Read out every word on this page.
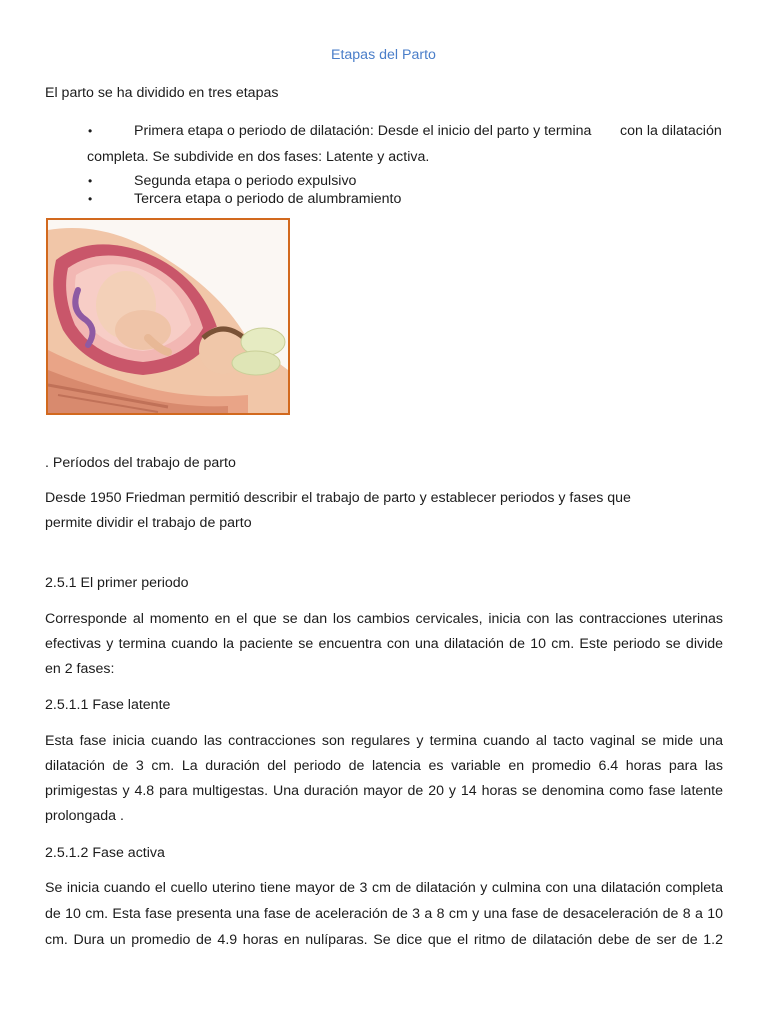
Etapas del Parto
El parto se ha dividido en tres etapas
•	Primera etapa o periodo de dilatación: Desde el inicio del parto y termina con la dilatación
completa. Se subdivide en dos fases: Latente y activa.
•	Segunda etapa o periodo expulsivo
•	Tercera etapa o periodo de alumbramiento
. Períodos del trabajo de parto
Desde 1950 Friedman permitió describir el trabajo de parto y establecer periodos y fases que
permite dividir el trabajo de parto
2.5.1 El primer periodo
Corresponde al momento en el que se dan los cambios cervicales, inicia con las contracciones uterinas
efectivas y termina cuando la paciente se encuentra con una dilatación de 10 cm. Este periodo se divide
en 2 fases:
2.5.1.1 Fase latente
Esta fase inicia cuando las contracciones son regulares y termina cuando al tacto vaginal se mide una
dilatación de 3 cm. La duración del periodo de latencia es variable en promedio 6.4 horas para las
primigestas y 4.8 para multigestas. Una duración mayor de 20 y 14 horas se denomina como fase latente
prolongada .
2.5.1.2 Fase activa
Se inicia cuando el cuello uterino tiene mayor de 3 cm de dilatación y culmina con una dilatación completa
de 10 cm. Esta fase presenta una fase de aceleración de 3 a 8 cm y una fase de desaceleración de 8 a 10
cm. Dura un promedio de 4.9 horas en nulíparas. Se dice que el ritmo de dilatación debe de ser de 1.2
